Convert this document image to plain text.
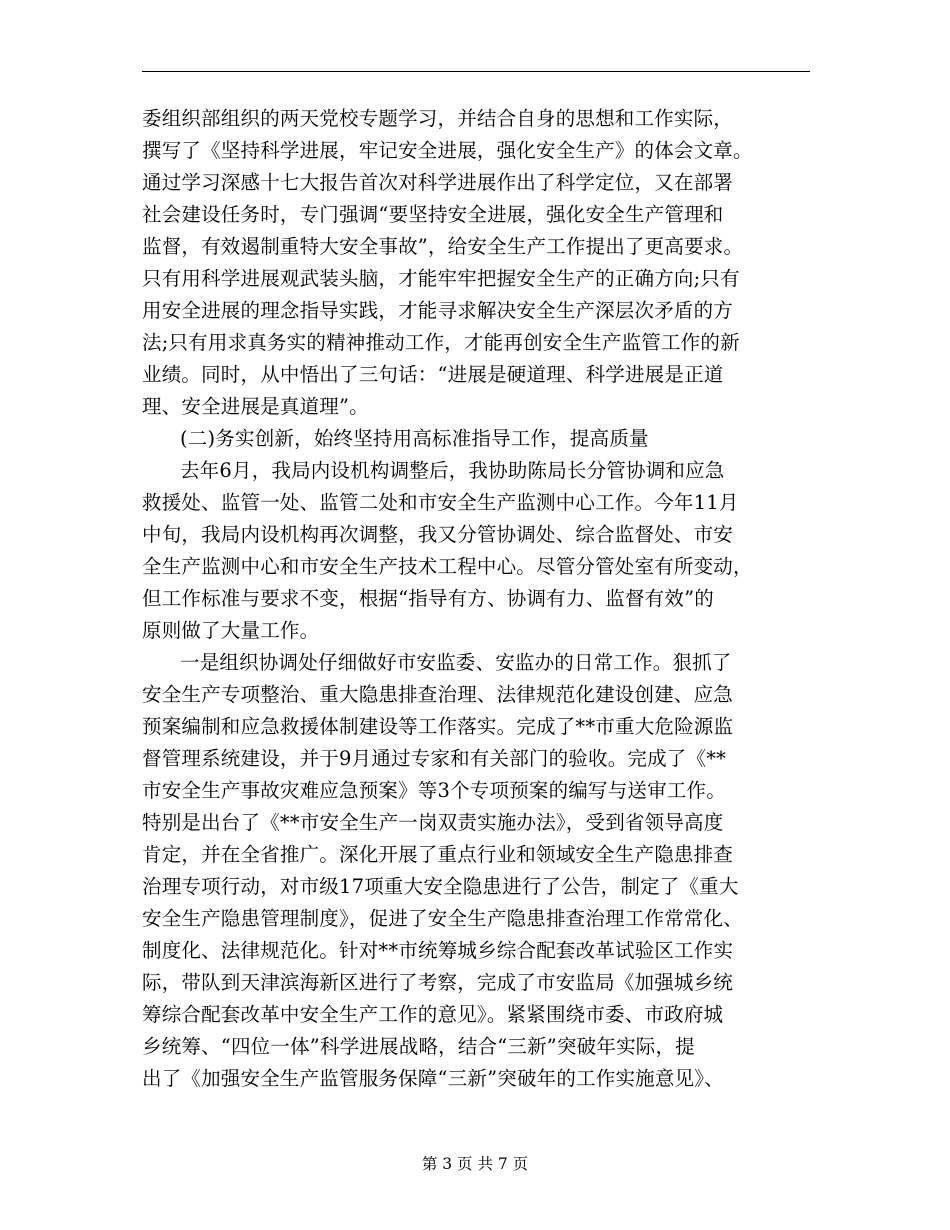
委组织部组织的两天党校专题学习，并结合自身的思想和工作实际，
撰写了《坚持科学进展，牢记安全进展，强化安全生产》的体会文章。
通过学习深感十七大报告首次对科学进展作出了科学定位，又在部署
社会建设任务时，专门强调“要坚持安全进展，强化安全生产管理和
监督，有效遏制重特大安全事故”，给安全生产工作提出了更高要求。
只有用科学进展观武装头脑，才能牢牢把握安全生产的正确方向;只有
用安全进展的理念指导实践，才能寻求解决安全生产深层次矛盾的方
法;只有用求真务实的精神推动工作，才能再创安全生产监管工作的新
业绩。同时，从中悟出了三句话：“进展是硬道理、科学进展是正道
理、安全进展是真道理”。
(二)务实创新，始终坚持用高标准指导工作，提高质量
去年6月，我局内设机构调整后，我协助陈局长分管协调和应急
救援处、监管一处、监管二处和市安全生产监测中心工作。今年11月
中旬，我局内设机构再次调整，我又分管协调处、综合监督处、市安
全生产监测中心和市安全生产技术工程中心。尽管分管处室有所变动，
但工作标准与要求不变，根据“指导有方、协调有力、监督有效”的
原则做了大量工作。
一是组织协调处仔细做好市安监委、安监办的日常工作。狠抓了
安全生产专项整治、重大隐患排查治理、法律规范化建设创建、应急
预案编制和应急救援体制建设等工作落实。完成了**市重大危险源监
督管理系统建设，并于9月通过专家和有关部门的验收。完成了《**
市安全生产事故灾难应急预案》等3个专项预案的编写与送审工作。
特别是出台了《**市安全生产一岗双责实施办法》，受到省领导高度
肯定，并在全省推广。深化开展了重点行业和领域安全生产隐患排查
治理专项行动，对市级17项重大安全隐患进行了公告，制定了《重大
安全生产隐患管理制度》，促进了安全生产隐患排查治理工作常常化、
制度化、法律规范化。针对**市统筹城乡综合配套改革试验区工作实
际，带队到天津滨海新区进行了考察，完成了市安监局《加强城乡统
筹综合配套改革中安全生产工作的意见》。紧紧围绕市委、市政府城
乡统筹、“四位一体”科学进展战略，结合“三新”突破年实际，提
出了《加强安全生产监管服务保障“三新”突破年的工作实施意见》、
第 3 页 共 7 页
